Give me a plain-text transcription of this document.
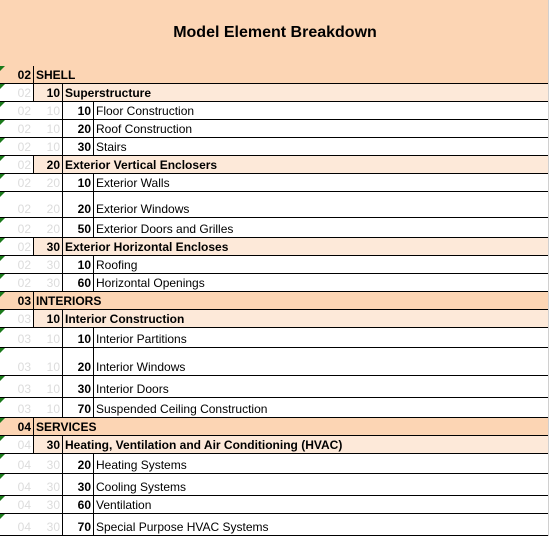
Model Element Breakdown
02 SHELL
02 10 Superstructure
02 10 10 Floor Construction
02 10 20 Roof Construction
02 10 30 Stairs
02 20 Exterior Vertical Enclosers
02 20 10 Exterior Walls
02 20 20 Exterior Windows
02 20 50 Exterior Doors and Grilles
02 30 Exterior Horizontal Encloses
02 30 10 Roofing
02 30 60 Horizontal Openings
03 INTERIORS
03 10 Interior Construction
03 10 10 Interior Partitions
03 10 20 Interior Windows
03 10 30 Interior Doors
03 10 70 Suspended Ceiling Construction
04 SERVICES
04 30 Heating, Ventilation and Air Conditioning (HVAC)
04 30 20 Heating Systems
04 30 30 Cooling Systems
04 30 60 Ventilation
04 30 70 Special Purpose HVAC Systems
